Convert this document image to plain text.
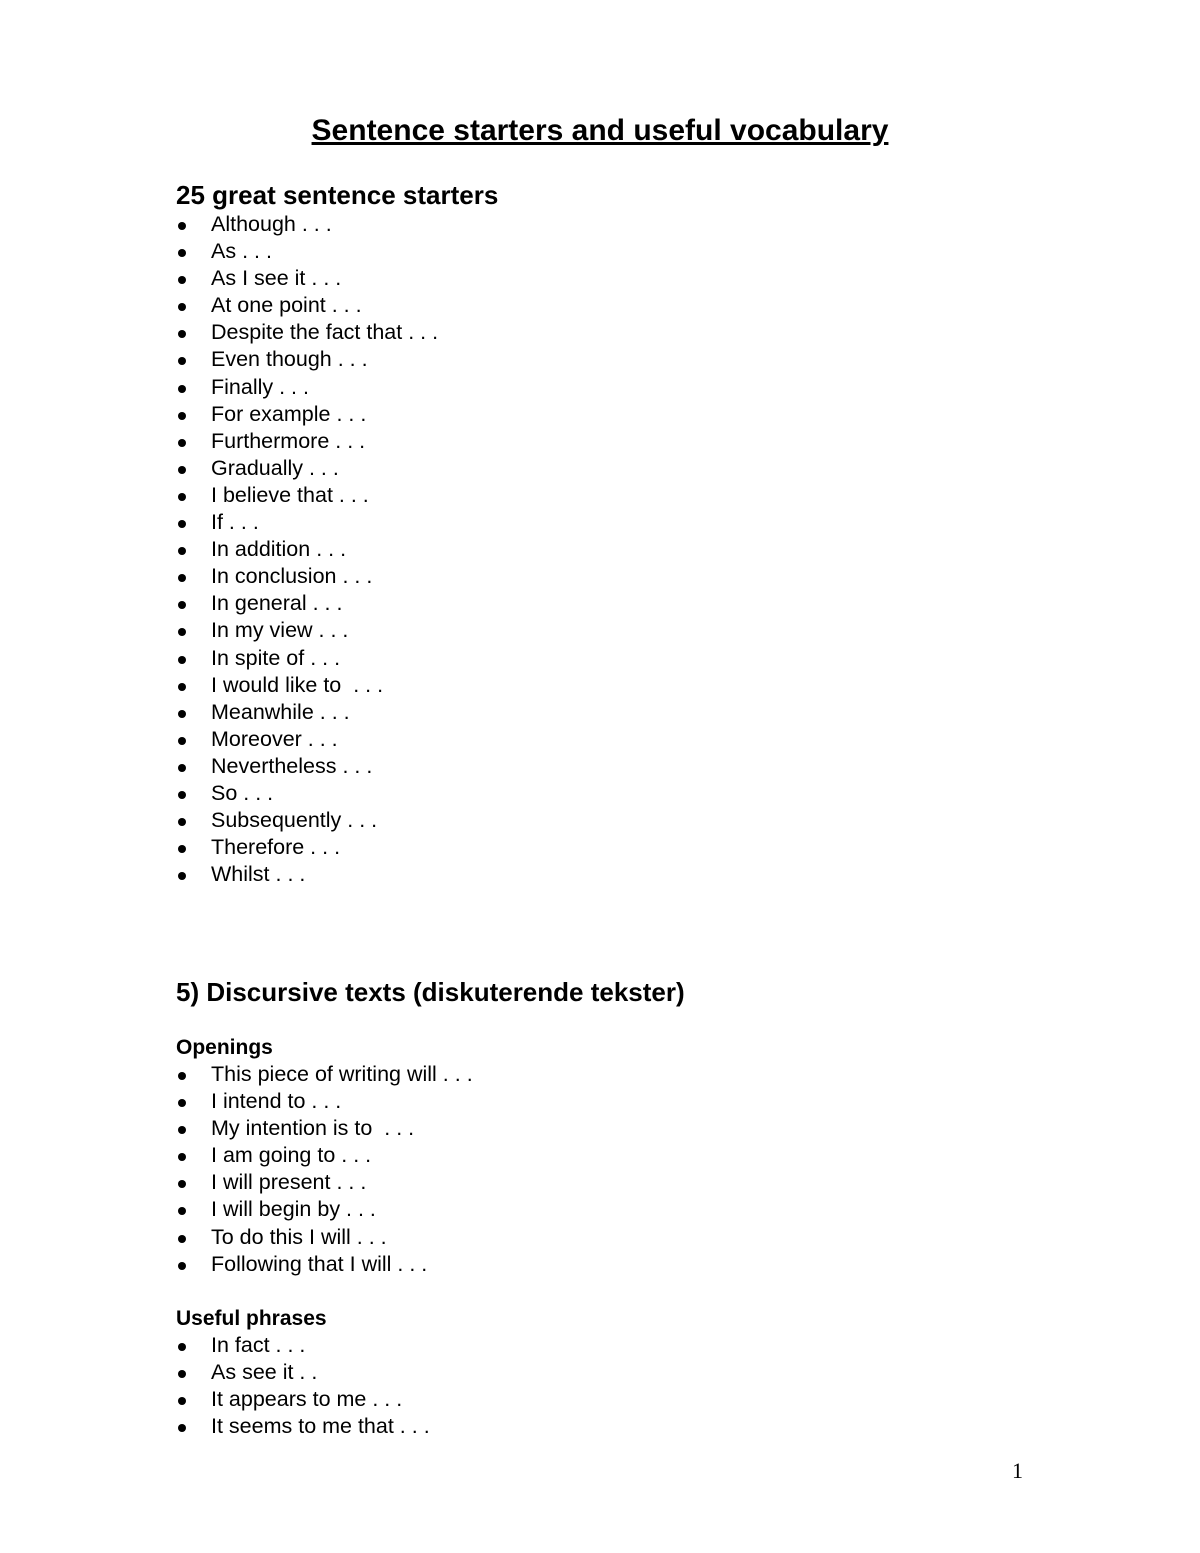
Sentence starters and useful vocabulary
25 great sentence starters
Although . . .
As . . .
As I see it . . .
At one point . . .
Despite the fact that . . .
Even though . . .
Finally . . .
For example . . .
Furthermore . . .
Gradually . . .
I believe that . . .
If . . .
In addition . . .
In conclusion . . .
In general . . .
In my view . . .
In spite of . . .
I would like to  . . .
Meanwhile . . .
Moreover . . .
Nevertheless . . .
So . . .
Subsequently . . .
Therefore . . .
Whilst . . .
5) Discursive texts (diskuterende tekster)
Openings
This piece of writing will . . .
I intend to . . .
My intention is to  . . .
I am going to . . .
I will present . . .
I will begin by . . .
To do this I will . . .
Following that I will . . .
Useful phrases
In fact . . .
As see it . .
It appears to me . . .
It seems to me that . . .
1
